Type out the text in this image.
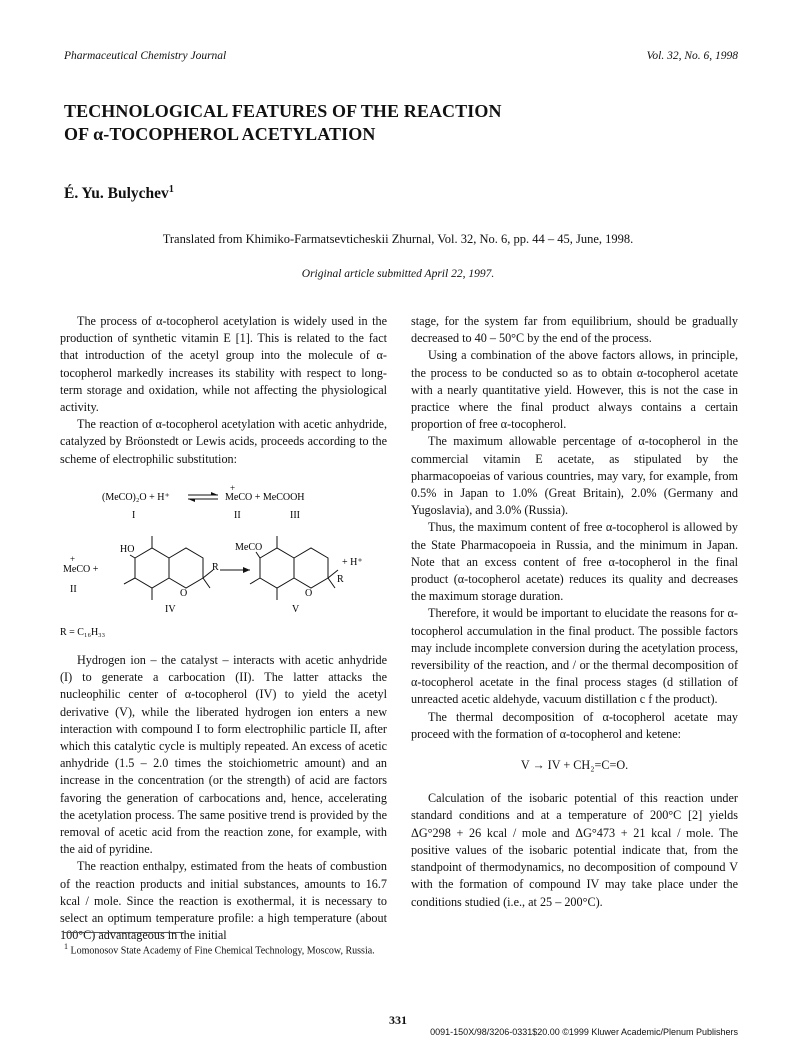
Pharmaceutical Chemistry Journal	Vol. 32, No. 6, 1998
TECHNOLOGICAL FEATURES OF THE REACTION
OF α-TOCOPHEROL ACETYLATION
É. Yu. Bulychev$^1$
Translated from Khimiko-Farmatsevticheskii Zhurnal, Vol. 32, No. 6, pp. 44 – 45, June, 1998.
Original article submitted April 22, 1997.

The process of α-tocopherol acetylation is widely used in the production of synthetic vitamin E [1]. This is related to the fact that introduction of the acetyl group into the molecule of α-tocopherol markedly increases its stability with respect to long-term storage and oxidation, while not affecting the physiological activity.

The reaction of α-tocopherol acetylation with acetic anhydride, catalyzed by Bröonstedt or Lewis acids, proceeds according to the scheme of electrophilic substitution:

(MeCO)₂O + H⁺
+
MeCO + MeCOOH
I	II	III
+
MeCO +
II
HO
O
R
IV
MeCO
O
R
+ H⁺
V
R = C₁₆H₃₃

Hydrogen ion – the catalyst – interacts with acetic anhydride (I) to generate a carbocation (II). The latter attacks the nucleophilic center of α-tocopherol (IV) to yield the acetyl derivative (V), while the liberated hydrogen ion enters a new interaction with compound I to form electrophilic particle II, after which this catalytic cycle is multiply repeated. An excess of acetic anhydride (1.5 – 2.0 times the stoichiometric amount) and an increase in the concentration (or the strength) of acid are factors favoring the generation of carbocations and, hence, accelerating the acetylation process. The same positive trend is provided by the removal of acetic acid from the reaction zone, for example, with the aid of pyridine.

The reaction enthalpy, estimated from the heats of combustion of the reaction products and initial substances, amounts to 16.7 kcal / mole. Since the reaction is exothermal, it is necessary to select an optimum temperature profile: a high temperature (about 100°C) advantageous in the initial

stage, for the system far from equilibrium, should be gradually decreased to 40 – 50°C by the end of the process.

Using a combination of the above factors allows, in principle, the process to be conducted so as to obtain α-tocopherol acetate with a nearly quantitative yield. However, this is not the case in practice where the final product always contains a certain proportion of free α-tocopherol.

The maximum allowable percentage of α-tocopherol in the commercial vitamin E acetate, as stipulated by the pharmacopoeias of various countries, may vary, for example, from 0.5% in Japan to 1.0% (Great Britain), 2.0% (Germany and Yugoslavia), and 3.0% (Russia).

Thus, the maximum content of free α-tocopherol is allowed by the State Pharmacopoeia in Russia, and the minimum in Japan. Note that an excess content of free α-tocopherol in the final product (α-tocopherol acetate) reduces its quality and decreases the maximum storage duration.

Therefore, it would be important to elucidate the reasons for α-tocopherol accumulation in the final product. The possible factors may include incomplete conversion during the acetylation process, reversibility of the reaction, and / or the thermal decomposition of α-tocopherol acetate in the final process stages (d stillation of unreacted acetic aldehyde, vacuum distillation c f the product).

The thermal decomposition of α-tocopherol acetate may proceed with the formation of α-tocopherol and ketene:

V → IV + CH₂=C=O.

Calculation of the isobaric potential of this reaction under standard conditions and at a temperature of 200°C [2] yields ΔG°298 + 26 kcal / mole and ΔG°473 + 21 kcal / mole. The positive values of the isobaric potential indicate that, from the standpoint of thermodynamics, no decomposition of compound V with the formation of compound IV may take place under the conditions studied (i.e., at 25 – 200°C).

$^1$ Lomonosov State Academy of Fine Chemical Technology, Moscow, Russia.
331
0091-150X/98/3206-0331$20.00 ©1999 Kluwer Academic/Plenum Publishers
